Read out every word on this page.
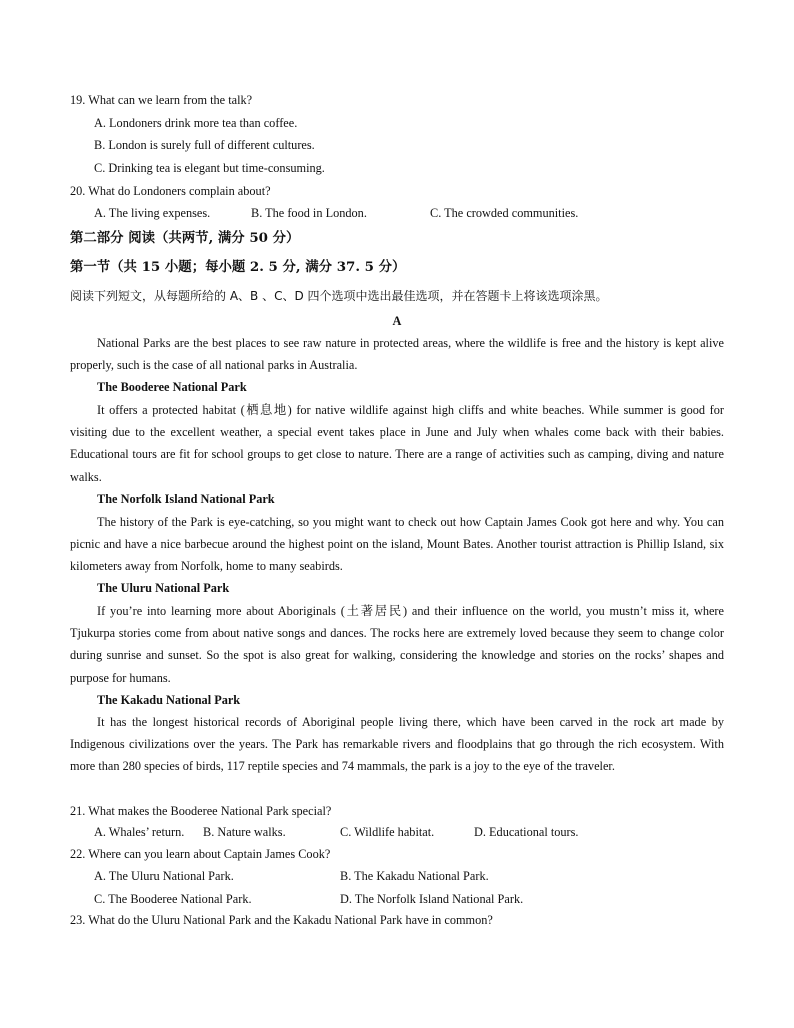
19. What can we learn from the talk?
A. Londoners drink more tea than coffee.
B. London is surely full of different cultures.
C. Drinking tea is elegant but time-consuming.
20. What do Londoners complain about?
A. The living expenses.	B. The food in London.	C. The crowded communities.
第二部分 阅读（共两节, 满分 50 分）
第一节（共 15 小题；每小题 2. 5 分, 满分 37. 5 分）
阅读下列短文，从每题所给的 A、B 、C、D 四个选项中选出最佳选项，并在答题卡上将该选项涂黑。
A
National Parks are the best places to see raw nature in protected areas, where the wildlife is free and the history is kept alive properly, such is the case of all national parks in Australia.
The Booderee National Park
It offers a protected habitat (栖息地) for native wildlife against high cliffs and white beaches. While summer is good for visiting due to the excellent weather, a special event takes place in June and July when whales come back with their babies. Educational tours are fit for school groups to get close to nature. There are a range of activities such as camping, diving and nature walks.
The Norfolk Island National Park
The history of the Park is eye-catching, so you might want to check out how Captain James Cook got here and why. You can picnic and have a nice barbecue around the highest point on the island, Mount Bates. Another tourist attraction is Phillip Island, six kilometers away from Norfolk, home to many seabirds.
The Uluru National Park
If you’re into learning more about Aboriginals (土著居民) and their influence on the world, you mustn’t miss it, where Tjukurpa stories come from about native songs and dances. The rocks here are extremely loved because they seem to change color during sunrise and sunset. So the spot is also great for walking, considering the knowledge and stories on the rocks’ shapes and purpose for humans.
The Kakadu National Park
It has the longest historical records of Aboriginal people living there, which have been carved in the rock art made by Indigenous civilizations over the years. The Park has remarkable rivers and floodplains that go through the rich ecosystem. With more than 280 species of birds, 117 reptile species and 74 mammals, the park is a joy to the eye of the traveler.
21. What makes the Booderee National Park special?
A. Whales’ return. B. Nature walks.	C. Wildlife habitat.	D. Educational tours.
22. Where can you learn about Captain James Cook?
A. The Uluru National Park.	B. The Kakadu National Park.
C. The Booderee National Park.	D. The Norfolk Island National Park.
23. What do the Uluru National Park and the Kakadu National Park have in common?
